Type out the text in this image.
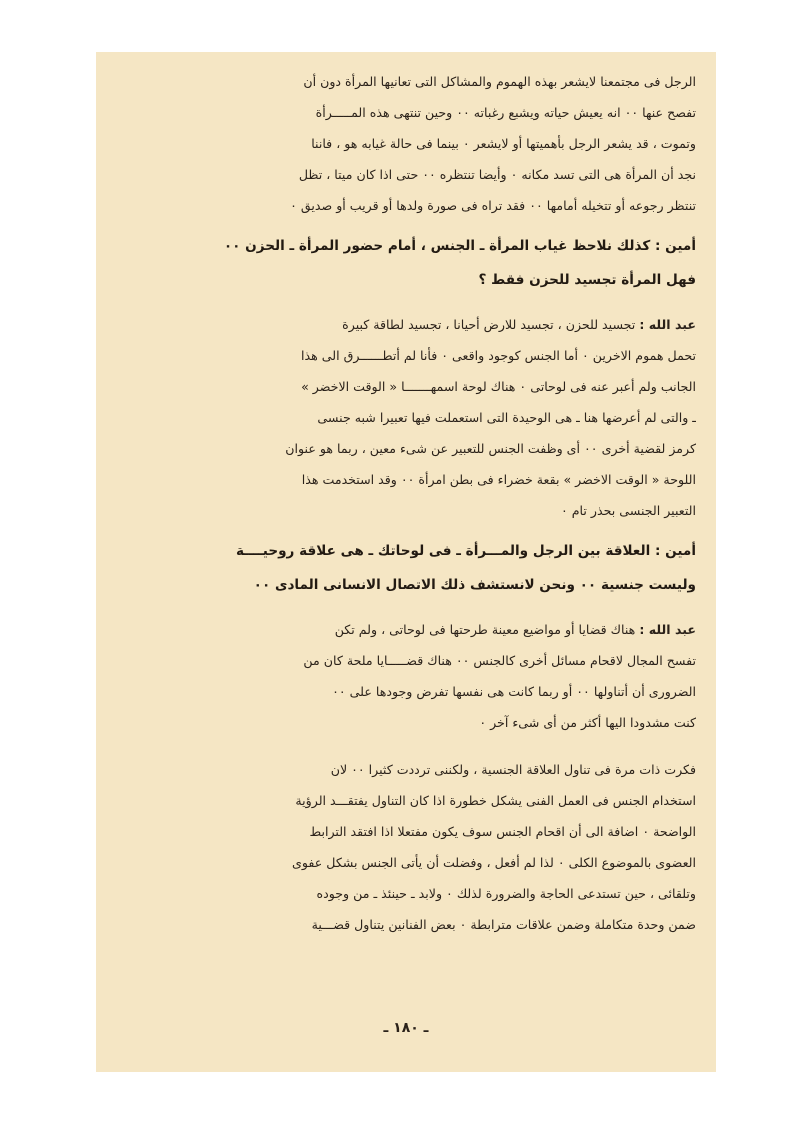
الرجل فى مجتمعنا لايشعر بهذه الهموم والمشاكل التى تعانيها المرأة دون أن
تفصح عنها ٠٠ انه يعيش حياته ويشبع رغباته ٠٠ وحين تنتهى هذه المـــــرأة
وتموت ، قد يشعر الرجل بأهميتها أو لايشعر ٠ بينما فى حالة غيابه هو ، فاننا
نجد أن المرأة هى التى تسد مكانه ٠ وأيضا تنتظره ٠٠ حتى اذا كان ميتا ، تظل
تنتظر رجوعه أو تتخيله أمامها ٠٠ فقد تراه فى صورة ولدها أو قريب أو صديق ٠

أمين : كذلك نلاحظ غياب المرأة ـ الجنس ، أمام حضور المرأة ـ الحزن ٠٠
فهل المرأة تجسيد للحزن فقط ؟

عبد الله : تجسيد للحزن ، تجسيد للارض أحيانا ، تجسيد لطاقة كبيرة
تحمل هموم الاخرين ٠ أما الجنس كوجود واقعى ٠ فأنا لم أتطــــــرق الى هذا
الجانب ولم أعبر عنه فى لوحاتى ٠ هناك لوحة اسمهـــــــا « الوقت الاخضر »
ـ والتى لم أعرضها هنا ـ هى الوحيدة التى استعملت فيها تعبيرا شبه جنسى
كرمز لقضية أخرى ٠٠ أى وظفت الجنس للتعبير عن شىء معين ، ربما هو عنوان
اللوحة « الوقت الاخضر » بقعة خضراء فى بطن امرأة ٠٠ وقد استخدمت هذا
التعبير الجنسى بحذر تام ٠

أمين : العلاقة بين الرجل والمـــرأة ـ فى لوحاتك ـ هى علاقة روحيــــة
وليست جنسية ٠٠ ونحن لانستشف ذلك الاتصال الانسانى المادى ٠٠

عبد الله : هناك قضايا أو مواضيع معينة طرحتها فى لوحاتى ، ولم تكن
تفسح المجال لاقحام مسائل أخرى كالجنس ٠٠ هناك قضـــــايا ملحة كان من
الضرورى أن أتناولها ٠٠ أو ربما كانت هى نفسها تفرض وجودها على ٠٠
كنت مشدودا اليها أكثر من أى شىء آخر ٠

فكرت ذات مرة فى تناول العلاقة الجنسية ، ولكننى ترددت كثيرا ٠٠ لان
استخدام الجنس فى العمل الفنى يشكل خطورة اذا كان التناول يفتقـــد الرؤية
الواضحة ٠ اضافة الى أن اقحام الجنس سوف يكون مفتعلا اذا افتقد الترابط
العضوى بالموضوع الكلى ٠ لذا لم أفعل ، وفضلت أن يأتى الجنس بشكل عفوى
وتلقائى ، حين تستدعى الحاجة والضرورة لذلك ٠ ولابد ـ حينئذ ـ من وجوده
ضمن وحدة متكاملة وضمن علاقات مترابطة ٠ بعض الفنانين يتناول قضـــية

ـ ١٨٠ ـ
